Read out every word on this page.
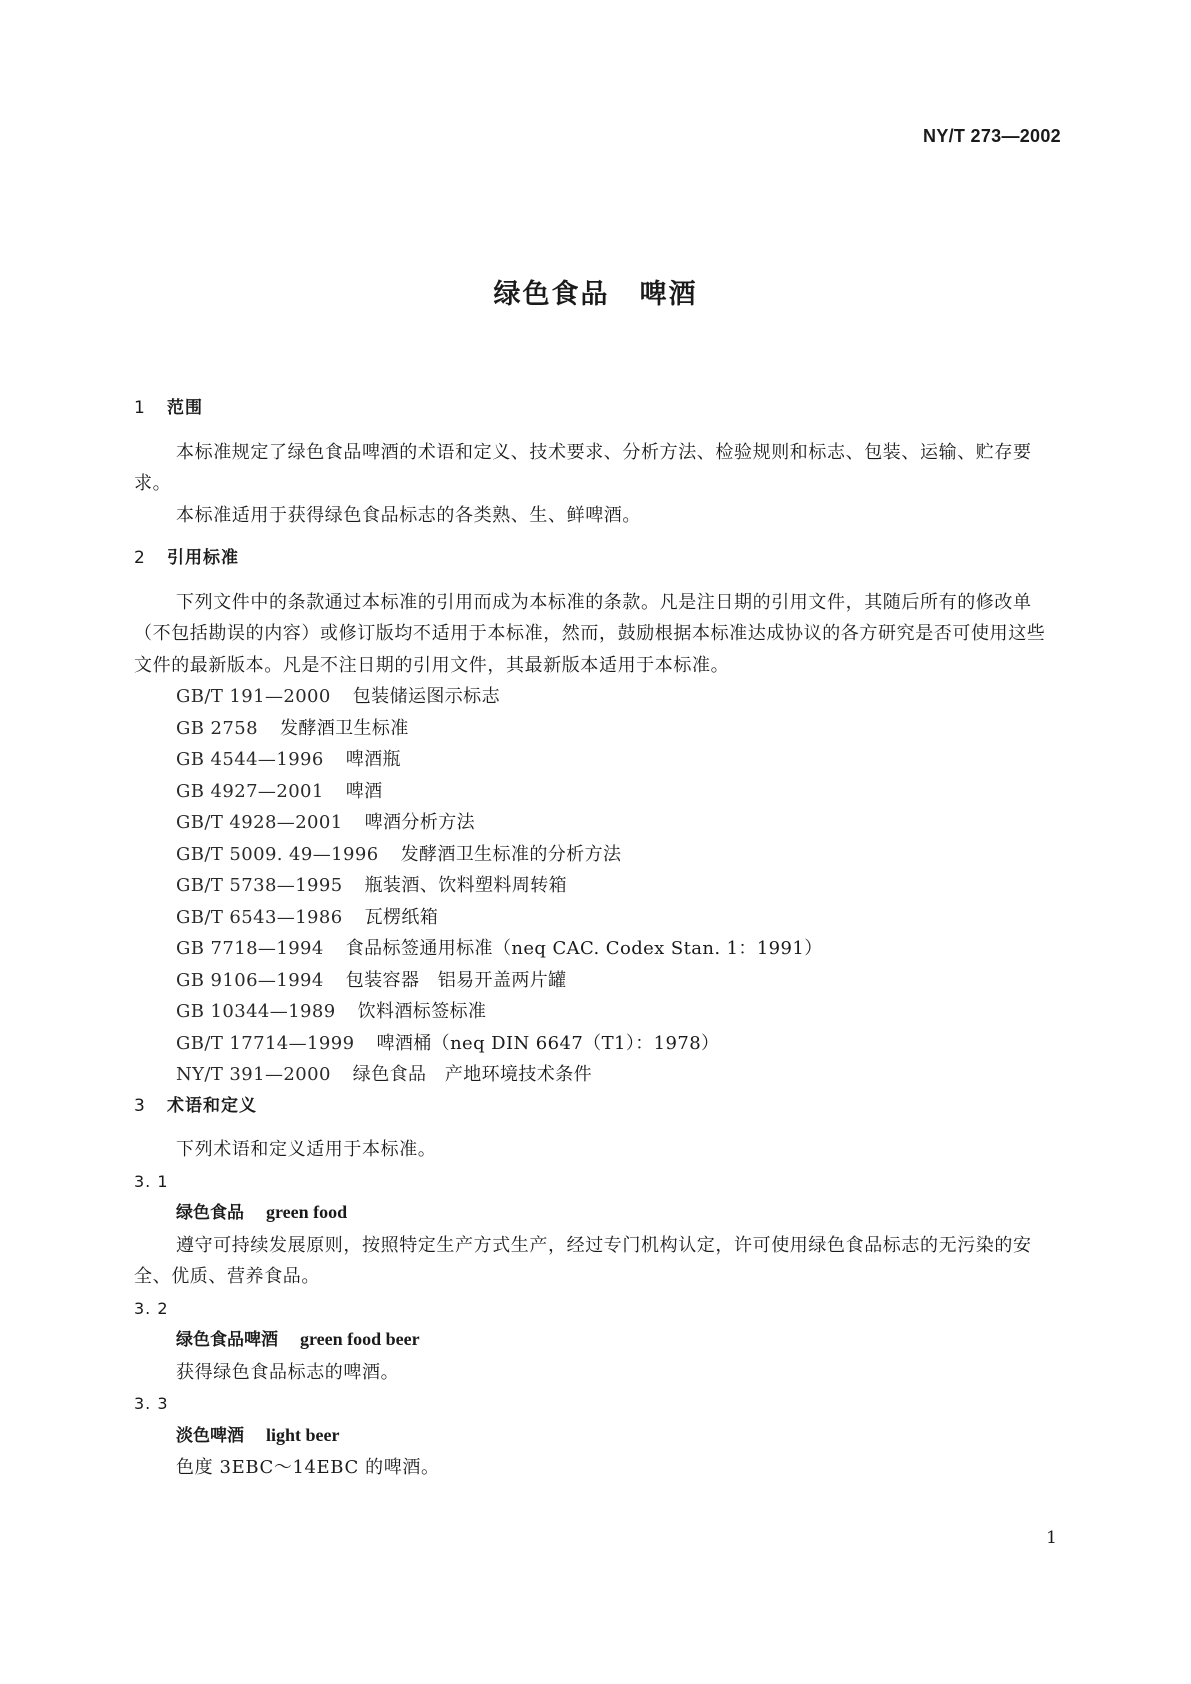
NY/T 273—2002
绿色食品 啤酒
1 范围

本标准规定了绿色食品啤酒的术语和定义、技术要求、分析方法、检验规则和标志、包装、运输、贮存要求。

本标准适用于获得绿色食品标志的各类熟、生、鲜啤酒。

2 引用标准

下列文件中的条款通过本标准的引用而成为本标准的条款。凡是注日期的引用文件，其随后所有的修改单（不包括勘误的内容）或修订版均不适用于本标准，然而，鼓励根据本标准达成协议的各方研究是否可使用这些文件的最新版本。凡是不注日期的引用文件，其最新版本适用于本标准。

GB/T 191—2000 包装储运图示标志

GB 2758 发酵酒卫生标准

GB 4544—1996 啤酒瓶

GB 4927—2001 啤酒

GB/T 4928—2001 啤酒分析方法

GB/T 5009. 49—1996 发酵酒卫生标准的分析方法

GB/T 5738—1995 瓶装酒、饮料塑料周转箱

GB/T 6543—1986 瓦楞纸箱

GB 7718—1994 食品标签通用标准（neq CAC. Codex Stan. 1：1991）

GB 9106—1994 包装容器　铝易开盖两片罐

GB 10344—1989 饮料酒标签标准

GB/T 17714—1999 啤酒桶（neq DIN 6647（T1）：1978）

NY/T 391—2000 绿色食品　产地环境技术条件

3 术语和定义

下列术语和定义适用于本标准。

3. 1

绿色食品 green food

遵守可持续发展原则，按照特定生产方式生产，经过专门机构认定，许可使用绿色食品标志的无污染的安全、优质、营养食品。

3. 2

绿色食品啤酒 green food beer

获得绿色食品标志的啤酒。

3. 3

淡色啤酒 light beer

色度 3EBC～14EBC 的啤酒。

1
